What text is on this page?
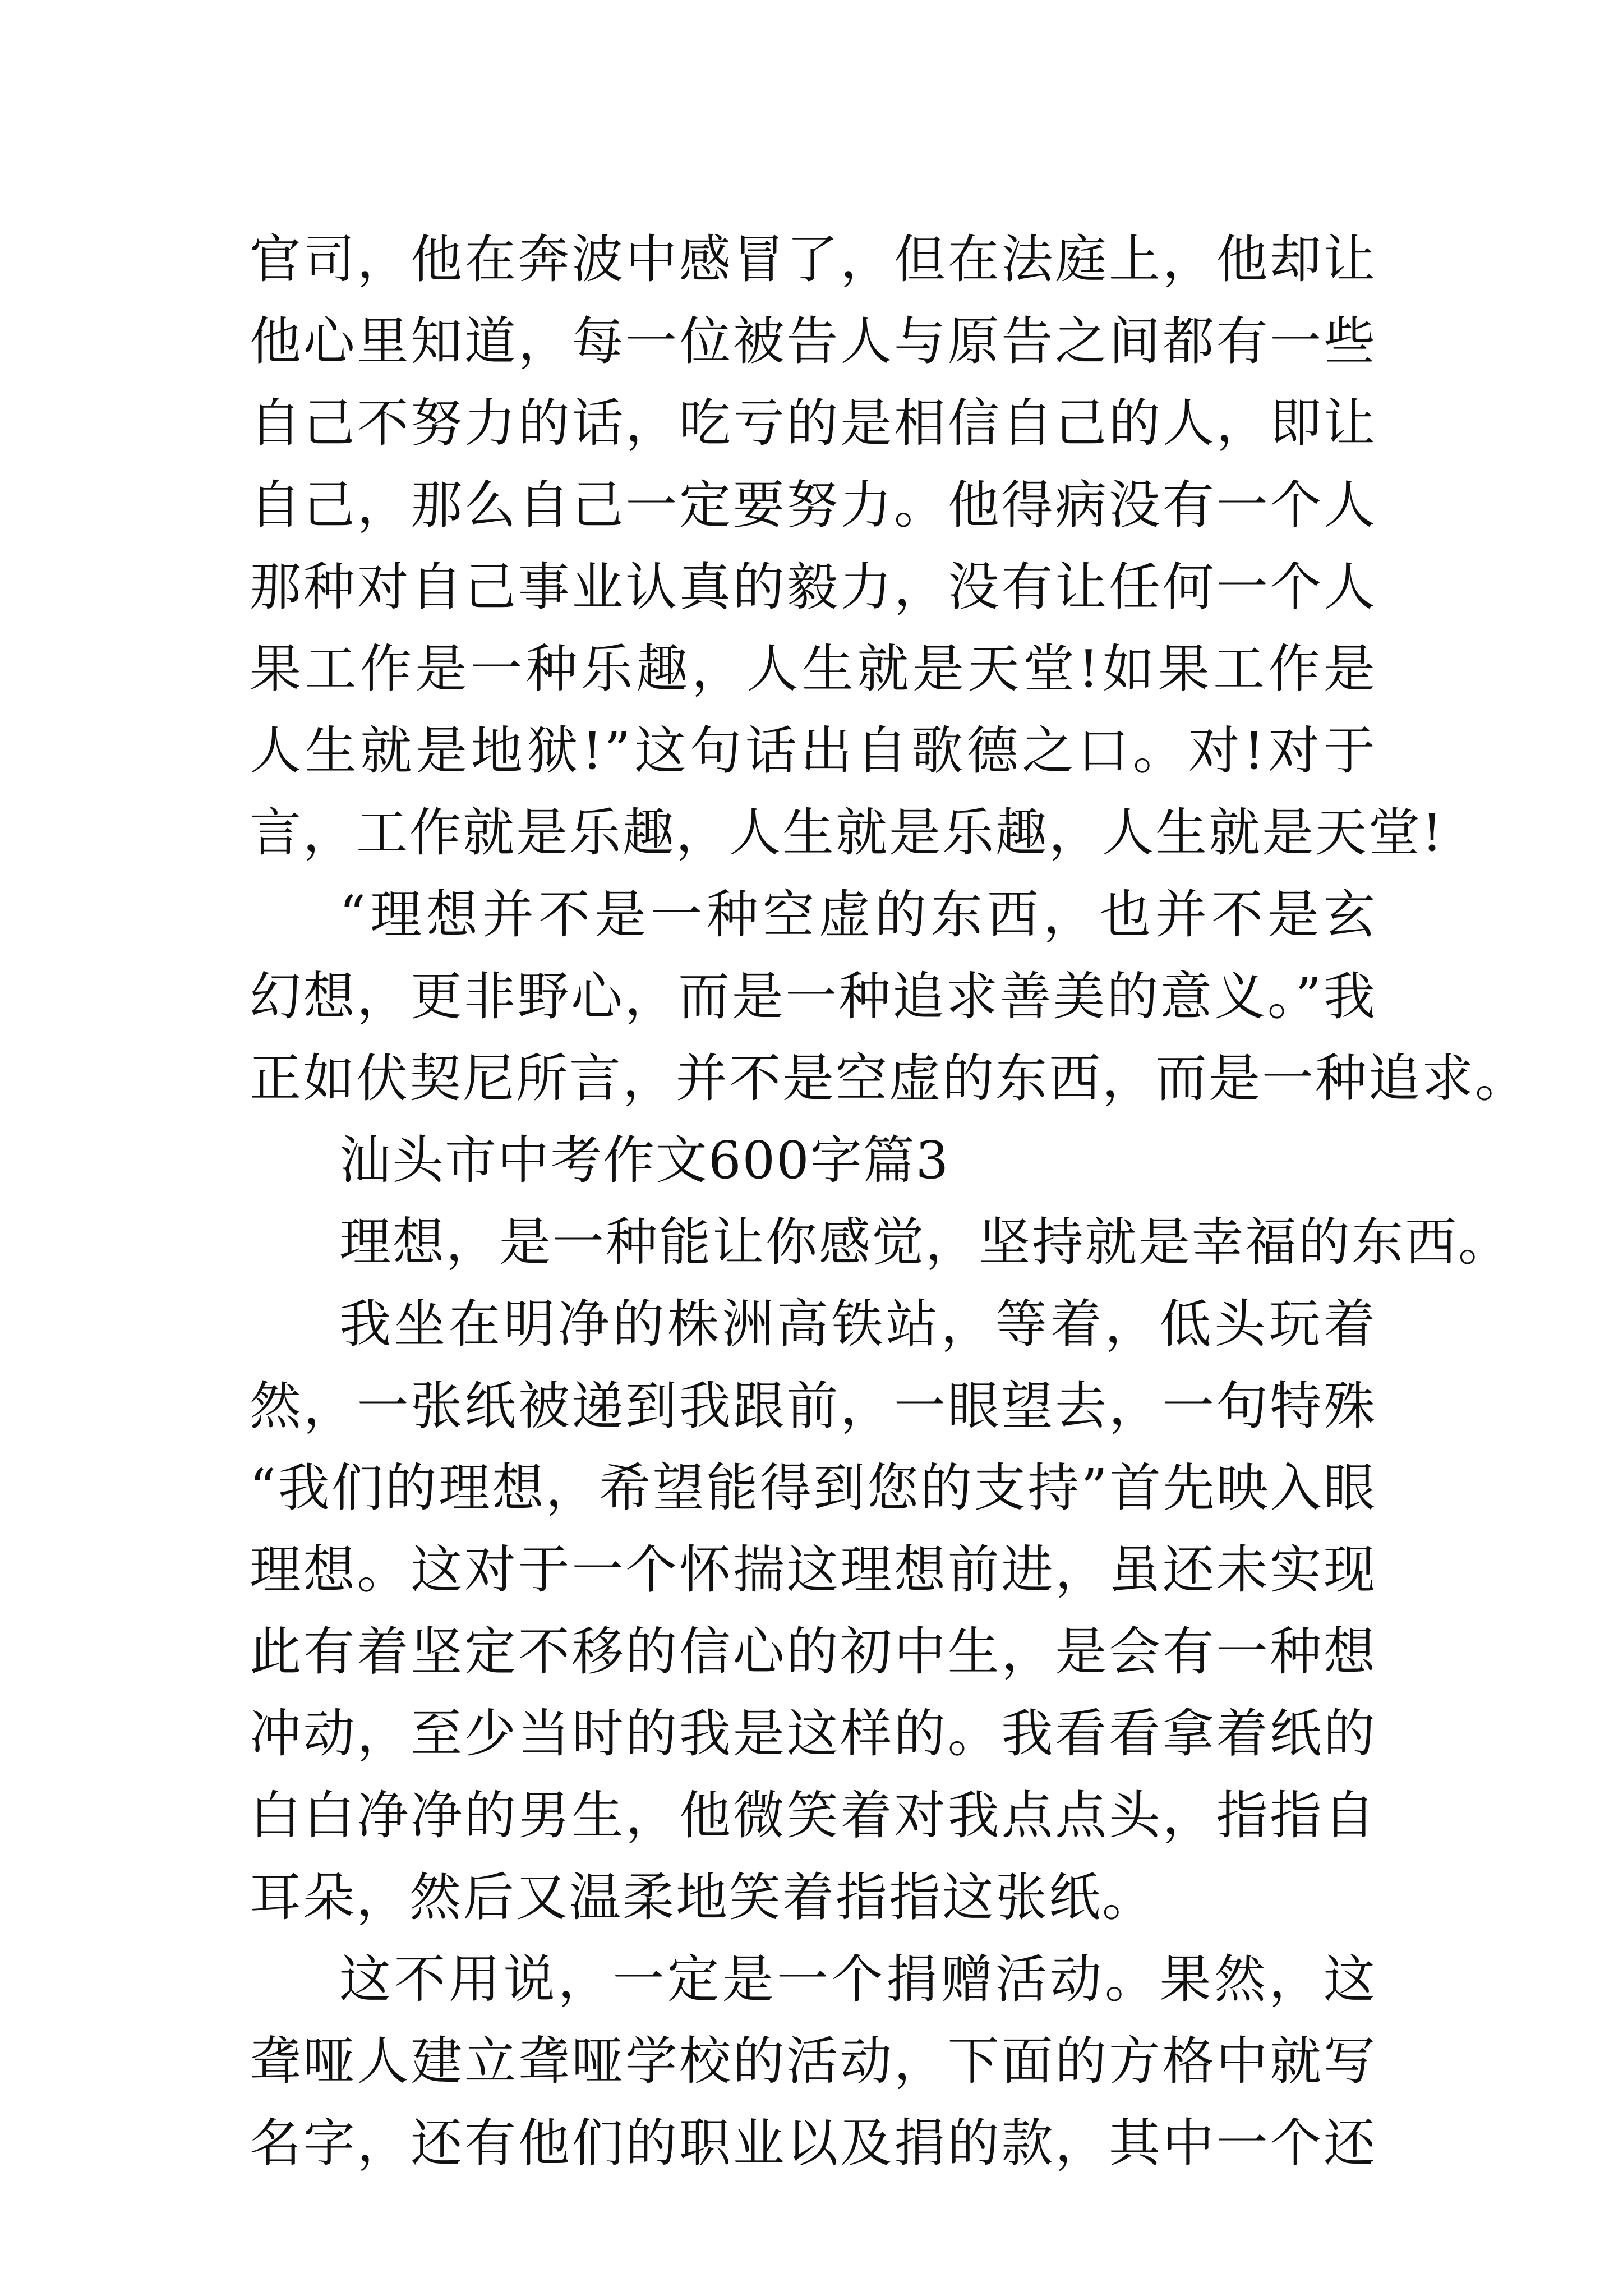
官司，他在奔波中感冒了，但在法庭上，他却让
他心里知道，每一位被告人与原告之间都有一些
自己不努力的话，吃亏的是相信自己的人，即让
自己，那么自己一定要努力。他得病没有一个人
那种对自己事业认真的毅力，没有让任何一个人
果工作是一种乐趣，人生就是天堂!如果工作是
人生就是地狱!”这句话出自歌德之口。对!对于
言，工作就是乐趣，人生就是乐趣，人生就是天堂!
“理想并不是一种空虚的东西，也并不是玄
幻想，更非野心，而是一种追求善美的意义。”我
正如伏契尼所言，并不是空虚的东西，而是一种追求。
汕头市中考作文600字篇3
理想，是一种能让你感觉，坚持就是幸福的东西。
我坐在明净的株洲高铁站，等着，低头玩着
然，一张纸被递到我跟前，一眼望去，一句特殊
“我们的理想，希望能得到您的支持”首先映入眼
理想。这对于一个怀揣这理想前进，虽还未实现
此有着坚定不移的信心的初中生，是会有一种想
冲动，至少当时的我是这样的。我看看拿着纸的
白白净净的男生，他微笑着对我点点头，指指自
耳朵，然后又温柔地笑着指指这张纸。
这不用说，一定是一个捐赠活动。果然，这
聋哑人建立聋哑学校的活动，下面的方格中就写
名字，还有他们的职业以及捐的款，其中一个还
